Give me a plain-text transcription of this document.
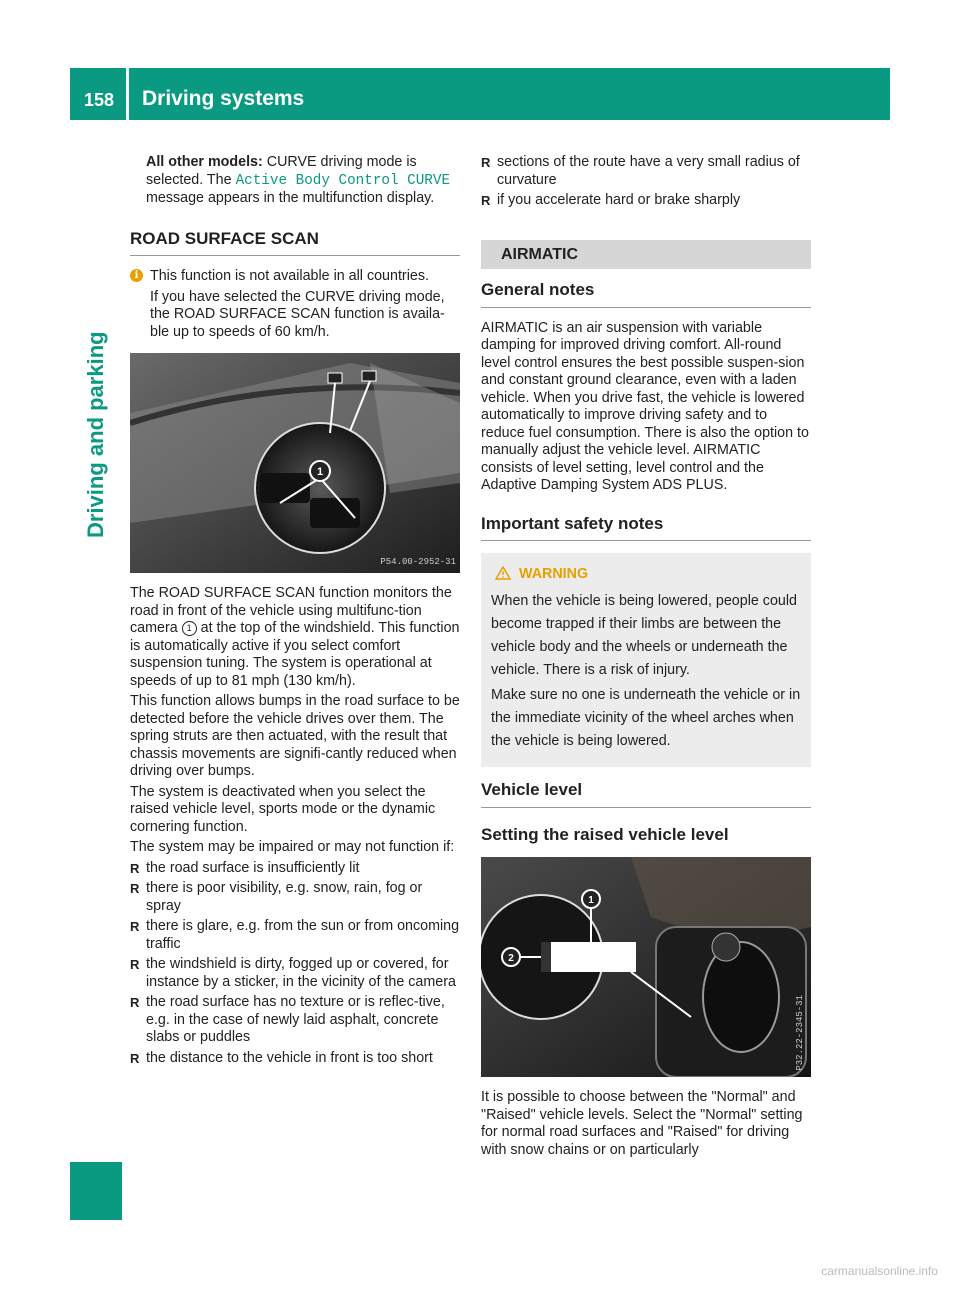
158 Driving systems
Driving and parking

All other models: CURVE driving mode is selected. The Active Body Control CURVE message appears in the multifunction display.

ROAD SURFACE SCAN
i This function is not available in all countries.

If you have selected the CURVE driving mode, the ROAD SURFACE SCAN function is availa-ble up to speeds of 60 km/h.

1
P54.00-2952-31

The ROAD SURFACE SCAN function monitors the road in front of the vehicle using multifunc-tion camera 1 at the top of the windshield. This function is automatically active if you select comfort suspension tuning. The system is operational at speeds of up to 81 mph (130 km/h).

This function allows bumps in the road surface to be detected before the vehicle drives over them. The spring struts are then actuated, with the result that chassis movements are signifi-cantly reduced when driving over bumps.

The system is deactivated when you select the raised vehicle level, sports mode or the dynamic cornering function.

The system may be impaired or may not function if:

R the road surface is insufficiently lit
R there is poor visibility, e.g. snow, rain, fog or spray
R there is glare, e.g. from the sun or from oncoming traffic
R the windshield is dirty, fogged up or covered, for instance by a sticker, in the vicinity of the camera
R the road surface has no texture or is reflec-tive, e.g. in the case of newly laid asphalt, concrete slabs or puddles
R the distance to the vehicle in front is too short
R sections of the route have a very small radius of curvature
R if you accelerate hard or brake sharply
AIRMATIC
General notes

AIRMATIC is an air suspension with variable damping for improved driving comfort. All-round level control ensures the best possible suspen-sion and constant ground clearance, even with a laden vehicle. When you drive fast, the vehicle is lowered automatically to improve driving safety and to reduce fuel consumption. There is also the option to manually adjust the vehicle level. AIRMATIC consists of level setting, level control and the Adaptive Damping System ADS PLUS.

Important safety notes
WARNING

When the vehicle is being lowered, people could become trapped if their limbs are between the vehicle body and the wheels or underneath the vehicle. There is a risk of injury.

Make sure no one is underneath the vehicle or in the immediate vicinity of the wheel arches when the vehicle is being lowered.

Vehicle level
Setting the raised vehicle level
1
2
P32.22-2345-31

It is possible to choose between the "Normal" and "Raised" vehicle levels. Select the "Normal" setting for normal road surfaces and "Raised" for driving with snow chains or on particularly

carmanualsonline.info
